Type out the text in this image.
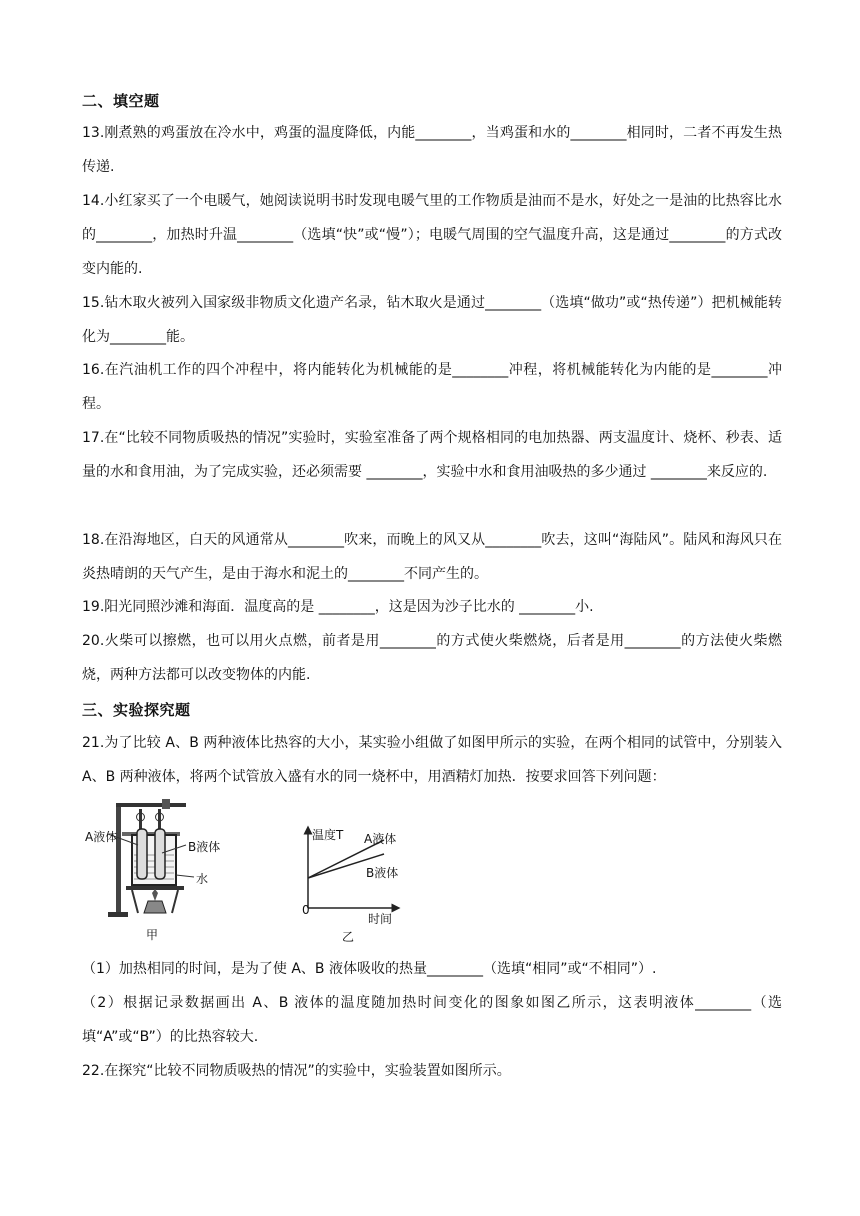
二、填空题
13.刚煮熟的鸡蛋放在冷水中，鸡蛋的温度降低，内能________，当鸡蛋和水的________相同时，二者不再发生热传递.
14.小红家买了一个电暖气，她阅读说明书时发现电暖气里的工作物质是油而不是水，好处之一是油的比热容比水的________，加热时升温________（选填“快”或“慢”）；电暖气周围的空气温度升高，这是通过________的方式改变内能的.
15.钻木取火被列入国家级非物质文化遗产名录，钻木取火是通过________（选填“做功”或“热传递”）把机械能转化为________能。
16.在汽油机工作的四个冲程中，将内能转化为机械能的是________冲程，将机械能转化为内能的是________冲程。
17.在“比较不同物质吸热的情况”实验时，实验室准备了两个规格相同的电加热器、两支温度计、烧杯、秒表、适量的水和食用油，为了完成实验，还必须需要 ________，实验中水和食用油吸热的多少通过 ________来反应的.
18.在沿海地区，白天的风通常从________吹来，而晚上的风又从________吹去，这叫“海陆风”。陆风和海风只在炎热晴朗的天气产生，是由于海水和泥土的________不同产生的。
19.阳光同照沙滩和海面．温度高的是 ________，这是因为沙子比水的 ________小.
20.火柴可以擦燃，也可以用火点燃，前者是用________的方式使火柴燃烧，后者是用________的方法使火柴燃烧，两种方法都可以改变物体的内能.
三、实验探究题
21.为了比较 A、B 两种液体比热容的大小，某实验小组做了如图甲所示的实验，在两个相同的试管中，分别装入 A、B 两种液体，将两个试管放入盛有水的同一烧杯中，用酒精灯加热．按要求回答下列问题：
A液体
B液体
水
甲
温度T A液体
B液体
0
时间
乙
（1）加热相同的时间，是为了使 A、B 液体吸收的热量________（选填“相同”或“不相同”）.
（2）根据记录数据画出 A、B 液体的温度随加热时间变化的图象如图乙所示，这表明液体________（选填“A”或“B”）的比热容较大.
22.在探究“比较不同物质吸热的情况”的实验中，实验装置如图所示。
